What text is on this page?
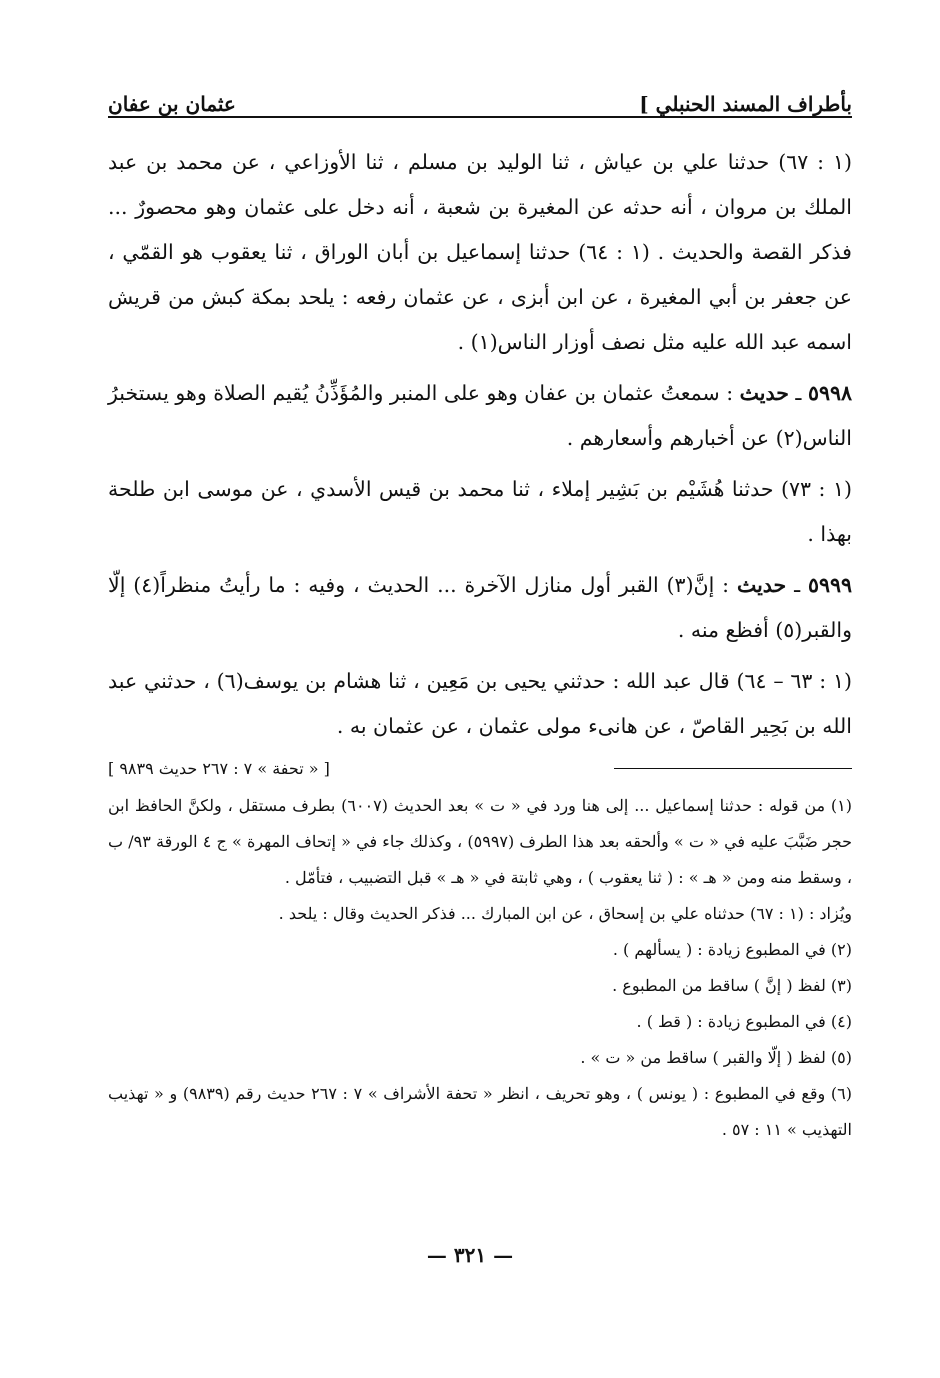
بأطراف المسند الحنبلي ]
عثمان بن عفان

(١ : ٦٧) حدثنا علي بن عياش ، ثنا الوليد بن مسلم ، ثنا الأوزاعي ، عن محمد بن عبد الملك بن مروان ، أنه حدثه عن المغيرة بن شعبة ، أنه دخل على عثمان وهو محصورٌ ... فذكر القصة والحديث . (١ : ٦٤) حدثنا إسماعيل بن أبان الوراق ، ثنا يعقوب هو القمّي ، عن جعفر بن أبي المغيرة ، عن ابن أبزى ، عن عثمان رفعه : يلحد بمكة كبش من قريش اسمه عبد الله عليه مثل نصف أوزار الناس(١) .

٥٩٩٨ ـ حديث : سمعتُ عثمان بن عفان وهو على المنبر والمُؤَذِّنُ يُقيم الصلاة وهو يستخبرُ الناس(٢) عن أخبارهم وأسعارهم .

(١ : ٧٣) حدثنا هُشَيْم بن بَشِير إملاء ، ثنا محمد بن قيس الأسدي ، عن موسى ابن طلحة بهذا .

٥٩٩٩ ـ حديث : إنَّ(٣) القبر أول منازل الآخرة ... الحديث ، وفيه : ما رأيتُ منظراً(٤) إلّا والقبر(٥) أفظع منه .

(١ : ٦٣ – ٦٤) قال عبد الله : حدثني يحيى بن مَعِين ، ثنا هشام بن يوسف(٦) ، حدثني عبد الله بن بَحِير القاصّ ، عن هانىء مولى عثمان ، عن عثمان به .

[ « تحفة » ٧ : ٢٦٧ حديث ٩٨٣٩ ]

(١) من قوله : حدثنا إسماعيل ... إلى هنا ورد في « ت » بعد الحديث (٦٠٠٧) بطرف مستقل ، ولكنَّ الحافظ ابن حجر ضَبَّبَ عليه في « ت » وألحقه بعد هذا الطرف (٥٩٩٧) ، وكذلك جاء في « إتحاف المهرة » ج ٤ الورقة ٩٣/ ب ، وسقط منه ومن « هـ » : ( ثنا يعقوب ) ، وهي ثابتة في « هـ » قبل التضبيب ، فتأمّل .

ويُزاد : (١ : ٦٧) حدثناه علي بن إسحاق ، عن ابن المبارك ... فذكر الحديث وقال : يلحد .

(٢) في المطبوع زيادة : ( يسألهم ) .

(٣) لفظ ( إنَّ ) ساقط من المطبوع .

(٤) في المطبوع زيادة : ( قط ) .

(٥) لفظ ( إلّا والقبر ) ساقط من « ت » .

(٦) وقع في المطبوع : ( يونس ) ، وهو تحريف ، انظر « تحفة الأشراف » ٧ : ٢٦٧ حديث رقم (٩٨٣٩) و « تهذيب التهذيب » ١١ : ٥٧ .

— ٣٢١ —
